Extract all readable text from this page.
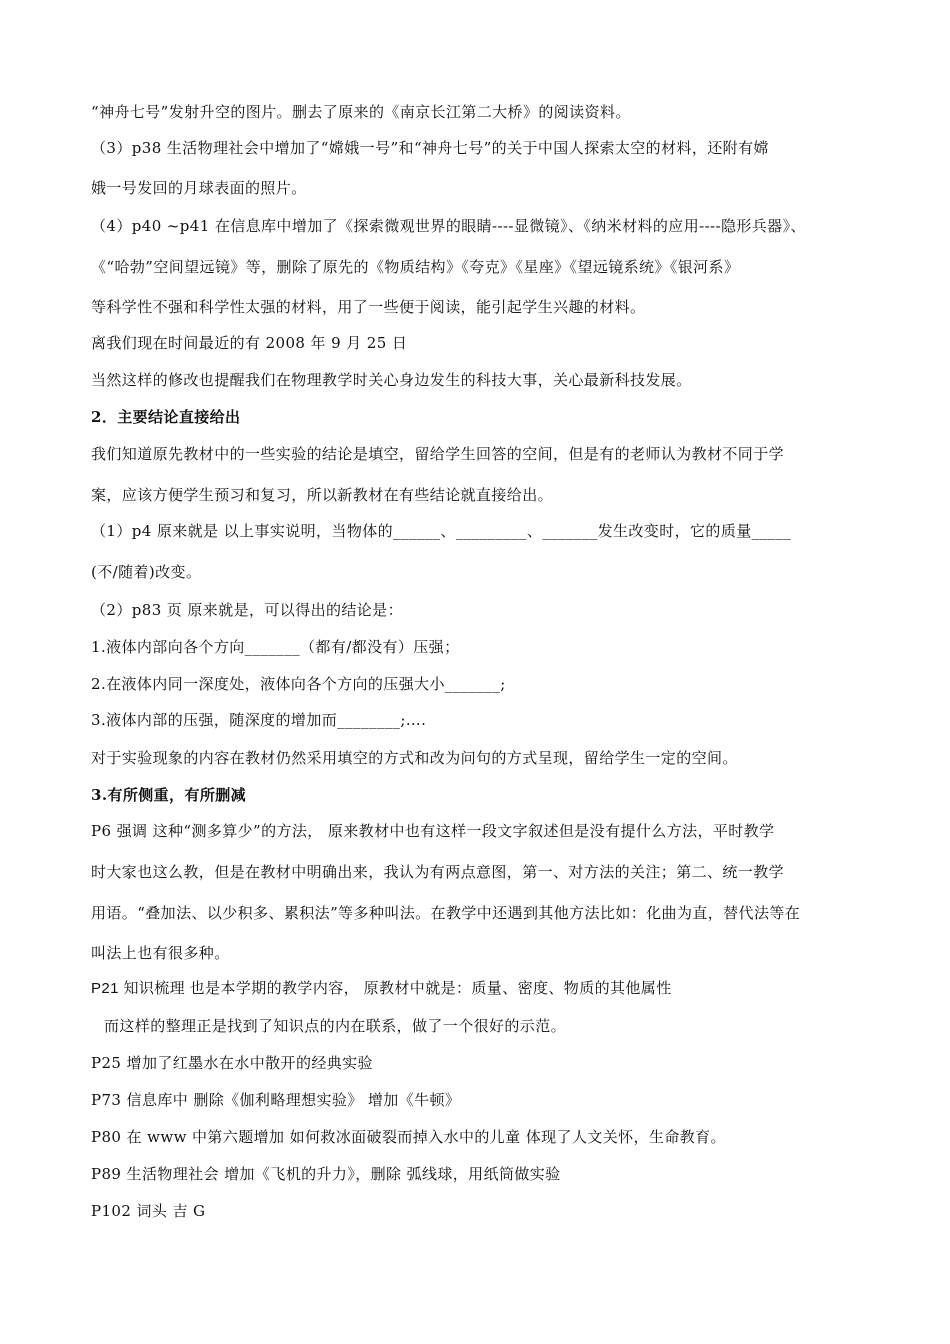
“神舟七号”发射升空的图片。删去了原来的《南京长江第二大桥》的阅读资料。
（3）p38 生活物理社会中增加了“嫦娥一号”和“神舟七号”的关于中国人探索太空的材料，还附有嫦
娥一号发回的月球表面的照片。
（4）p40 ~p41 在信息库中增加了《探索微观世界的眼睛----显微镜》、《纳米材料的应用----隐形兵器》、
《“哈勃”空间望远镜》等，删除了原先的《物质结构》《夸克》《星座》《望远镜系统》《银河系》
等科学性不强和科学性太强的材料，用了一些便于阅读，能引起学生兴趣的材料。
离我们现在时间最近的有 2008 年 9 月 25 日
当然这样的修改也提醒我们在物理教学时关心身边发生的科技大事，关心最新科技发展。
2．主要结论直接给出
我们知道原先教材中的一些实验的结论是填空，留给学生回答的空间，但是有的老师认为教材不同于学
案，应该方便学生预习和复习，所以新教材在有些结论就直接给出。
（1）p4 原来就是 以上事实说明，当物体的______、_________、_______发生改变时，它的质量_____
(不/随着)改变。
（2）p83 页 原来就是，可以得出的结论是：
1.液体内部向各个方向_______（都有/都没有）压强；
2.在液体内同一深度处，液体向各个方向的压强大小_______;
3.液体内部的压强，随深度的增加而________;….
对于实验现象的内容在教材仍然采用填空的方式和改为问句的方式呈现，留给学生一定的空间。
3.有所侧重，有所删减
P6 强调 这种“测多算少”的方法， 原来教材中也有这样一段文字叙述但是没有提什么方法，平时教学
时大家也这么教，但是在教材中明确出来，我认为有两点意图，第一、对方法的关注；第二、统一教学
用语。“叠加法、以少积多、累积法”等多种叫法。在教学中还遇到其他方法比如：化曲为直，替代法等在
叫法上也有很多种。
P21 知识梳理 也是本学期的教学内容， 原教材中就是：质量、密度、物质的其他属性
而这样的整理正是找到了知识点的内在联系，做了一个很好的示范。
P25 增加了红墨水在水中散开的经典实验
P73 信息库中 删除《伽利略理想实验》 增加《牛顿》
P80 在 www 中第六题增加 如何救冰面破裂而掉入水中的儿童 体现了人文关怀，生命教育。
P89 生活物理社会 增加《飞机的升力》，删除 弧线球，用纸筒做实验
P102 词头 吉 G
